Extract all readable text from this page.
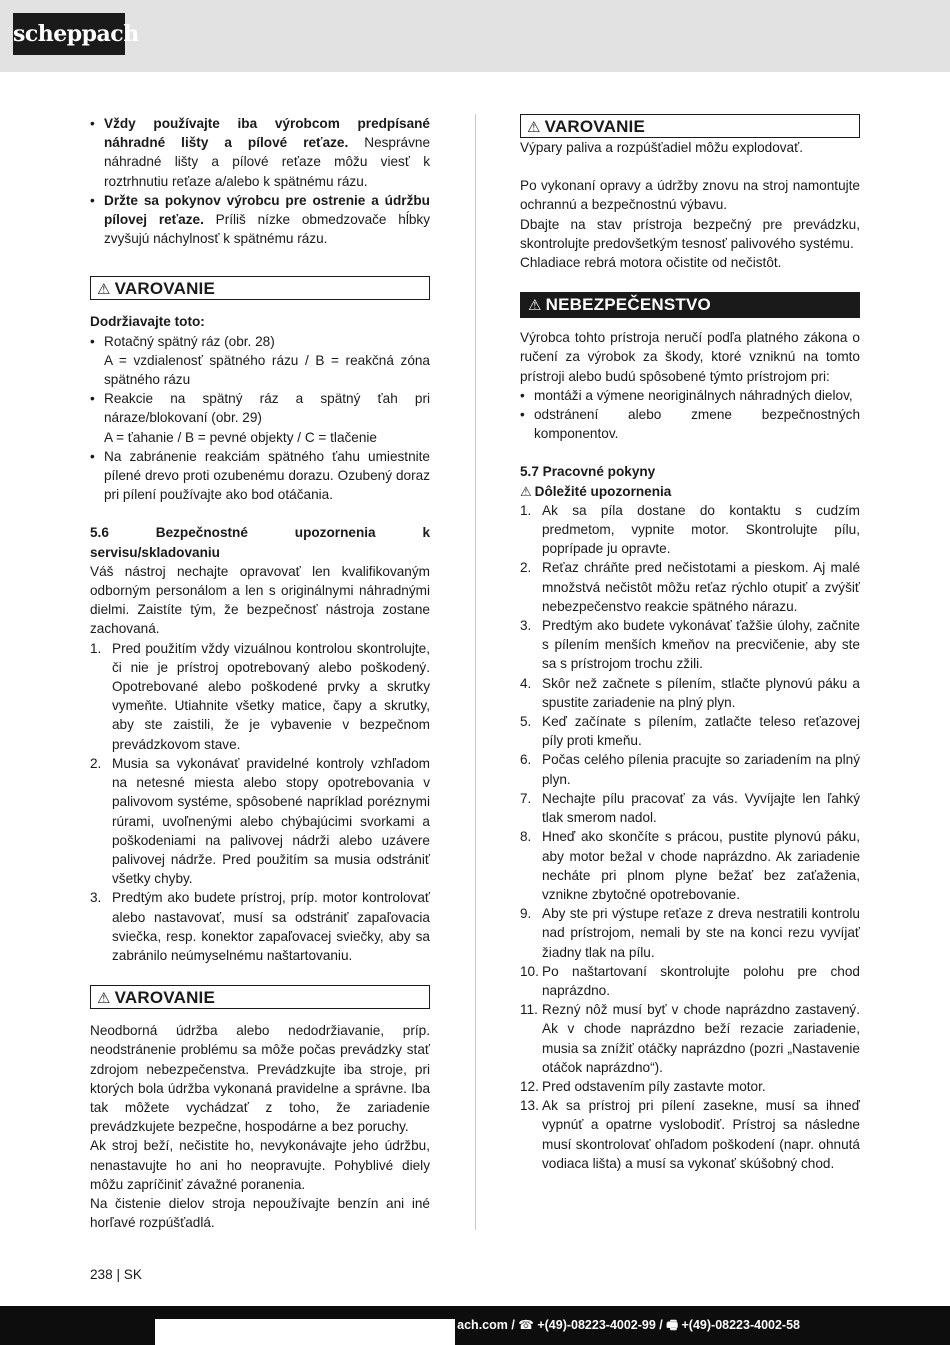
scheppach
• Vždy používajte iba výrobcom predpísané náhradné lišty a pílové reťaze. Nesprávne náhradné lišty a pílové reťaze môžu viesť k roztrhnutiu reťaze a/alebo k spätnému rázu.
• Držte sa pokynov výrobcu pre ostrenie a údržbu pílovej reťaze. Príliš nízke obmedzovače hĺbky zvyšujú náchylnosť k spätnému rázu.
⚠ VAROVANIE

Dodržiavajte toto:

• Rotačný spätný ráz (obr. 28)
A = vzdialenosť spätného rázu / B = reakčná zóna spätného rázu
• Reakcie na spätný ráz a spätný ťah pri náraze/blokovaní (obr. 29)
A = ťahanie / B = pevné objekty / C = tlačenie
• Na zabránenie reakciám spätného ťahu umiestnite pílené drevo proti ozubenému dorazu. Ozubený doraz pri pílení používajte ako bod otáčania.

5.6 Bezpečnostné upozornenia k servisu/skladovaniu

Váš nástroj nechajte opravovať len kvalifikovaným odborným personálom a len s originálnymi náhradnými dielmi. Zaistíte tým, že bezpečnosť nástroja zostane zachovaná.

1. Pred použitím vždy vizuálnou kontrolou skontrolujte, či nie je prístroj opotrebovaný alebo poškodený. Opotrebované alebo poškodené prvky a skrutky vymeňte. Utiahnite všetky matice, čapy a skrutky, aby ste zaistili, že je vybavenie v bezpečnom prevádzkovom stave.
2. Musia sa vykonávať pravidelné kontroly vzhľadom na netesné miesta alebo stopy opotrebovania v palivovom systéme, spôsobené napríklad poréznymi rúrami, uvoľnenými alebo chýbajúcimi svorkami a poškodeniami na palivovej nádrži alebo uzávere palivovej nádrže. Pred použitím sa musia odstrániť všetky chyby.
3. Predtým ako budete prístroj, príp. motor kontrolovať alebo nastavovať, musí sa odstrániť zapaľovacia sviečka, resp. konektor zapaľovacej sviečky, aby sa zabránilo neúmyselnému naštartovaniu.
⚠ VAROVANIE

Neodborná údržba alebo nedodržiavanie, príp. neodstránenie problému sa môže počas prevádzky stať zdrojom nebezpečenstva. Prevádzkujte iba stroje, pri ktorých bola údržba vykonaná pravidelne a správne. Iba tak môžete vychádzať z toho, že zariadenie prevádzkujete bezpečne, hospodárne a bez poruchy.

Ak stroj beží, nečistite ho, nevykonávajte jeho údržbu, nenastavujte ho ani ho neopravujte. Pohyblivé diely môžu zapríčiniť závažné poranenia.

Na čistenie dielov stroja nepoužívajte benzín ani iné horľavé rozpúšťadlá.

⚠ VAROVANIE

Výpary paliva a rozpúšťadiel môžu explodovať.

Po vykonaní opravy a údržby znovu na stroj namontujte ochrannú a bezpečnostnú výbavu.

Dbajte na stav prístroja bezpečný pre prevádzku, skontrolujte predovšetkým tesnosť palivového systému.

Chladiace rebrá motora očistite od nečistôt.

⚠ NEBEZPEČENSTVO

Výrobca tohto prístroja neručí podľa platného zákona o ručení za výrobok za škody, ktoré vzniknú na tomto prístroji alebo budú spôsobené týmto prístrojom pri:

• montáži a výmene neoriginálnych náhradných dielov,
• odstránení alebo zmene bezpečnostných komponentov.

5.7 Pracovné pokyny

⚠ Dôležité upozornenia

1. Ak sa píla dostane do kontaktu s cudzím predmetom, vypnite motor. Skontrolujte pílu, poprípade ju opravte.
2. Reťaz chráňte pred nečistotami a pieskom. Aj malé množstvá nečistôt môžu reťaz rýchlo otupiť a zvýšiť nebezpečenstvo reakcie spätného nárazu.
3. Predtým ako budete vykonávať ťažšie úlohy, začnite s pílením menších kmeňov na precvičenie, aby ste sa s prístrojom trochu zžili.
4. Skôr než začnete s pílením, stlačte plynovú páku a spustite zariadenie na plný plyn.
5. Keď začínate s pílením, zatlačte teleso reťazovej píly proti kmeňu.
6. Počas celého pílenia pracujte so zariadením na plný plyn.
7. Nechajte pílu pracovať za vás. Vyvíjajte len ľahký tlak smerom nadol.
8. Hneď ako skončíte s prácou, pustite plynovú páku, aby motor bežal v chode naprázdno. Ak zariadenie necháte pri plnom plyne bežať bez zaťaženia, vznikne zbytočné opotrebovanie.
9. Aby ste pri výstupe reťaze z dreva nestratili kontrolu nad prístrojom, nemali by ste na konci rezu vyvíjať žiadny tlak na pílu.
10. Po naštartovaní skontrolujte polohu pre chod naprázdno.
11. Rezný nôž musí byť v chode naprázdno zastavený. Ak v chode naprázdno beží rezacie zariadenie, musia sa znížiť otáčky naprázdno (pozri „Nastavenie otáčok naprázdno“).
12. Pred odstavením píly zastavte motor.
13. Ak sa prístroj pri pílení zasekne, musí sa ihneď vypnúť a opatrne vyslobodiť. Prístroj sa následne musí skontrolovať ohľadom poškodení (napr. ohnutá vodiaca lišta) a musí sa vykonať skúšobný chod.
238 | SK
ach.com / ☎ +(49)-08223-4002-99 / 🖷 +(49)-08223-4002-58
